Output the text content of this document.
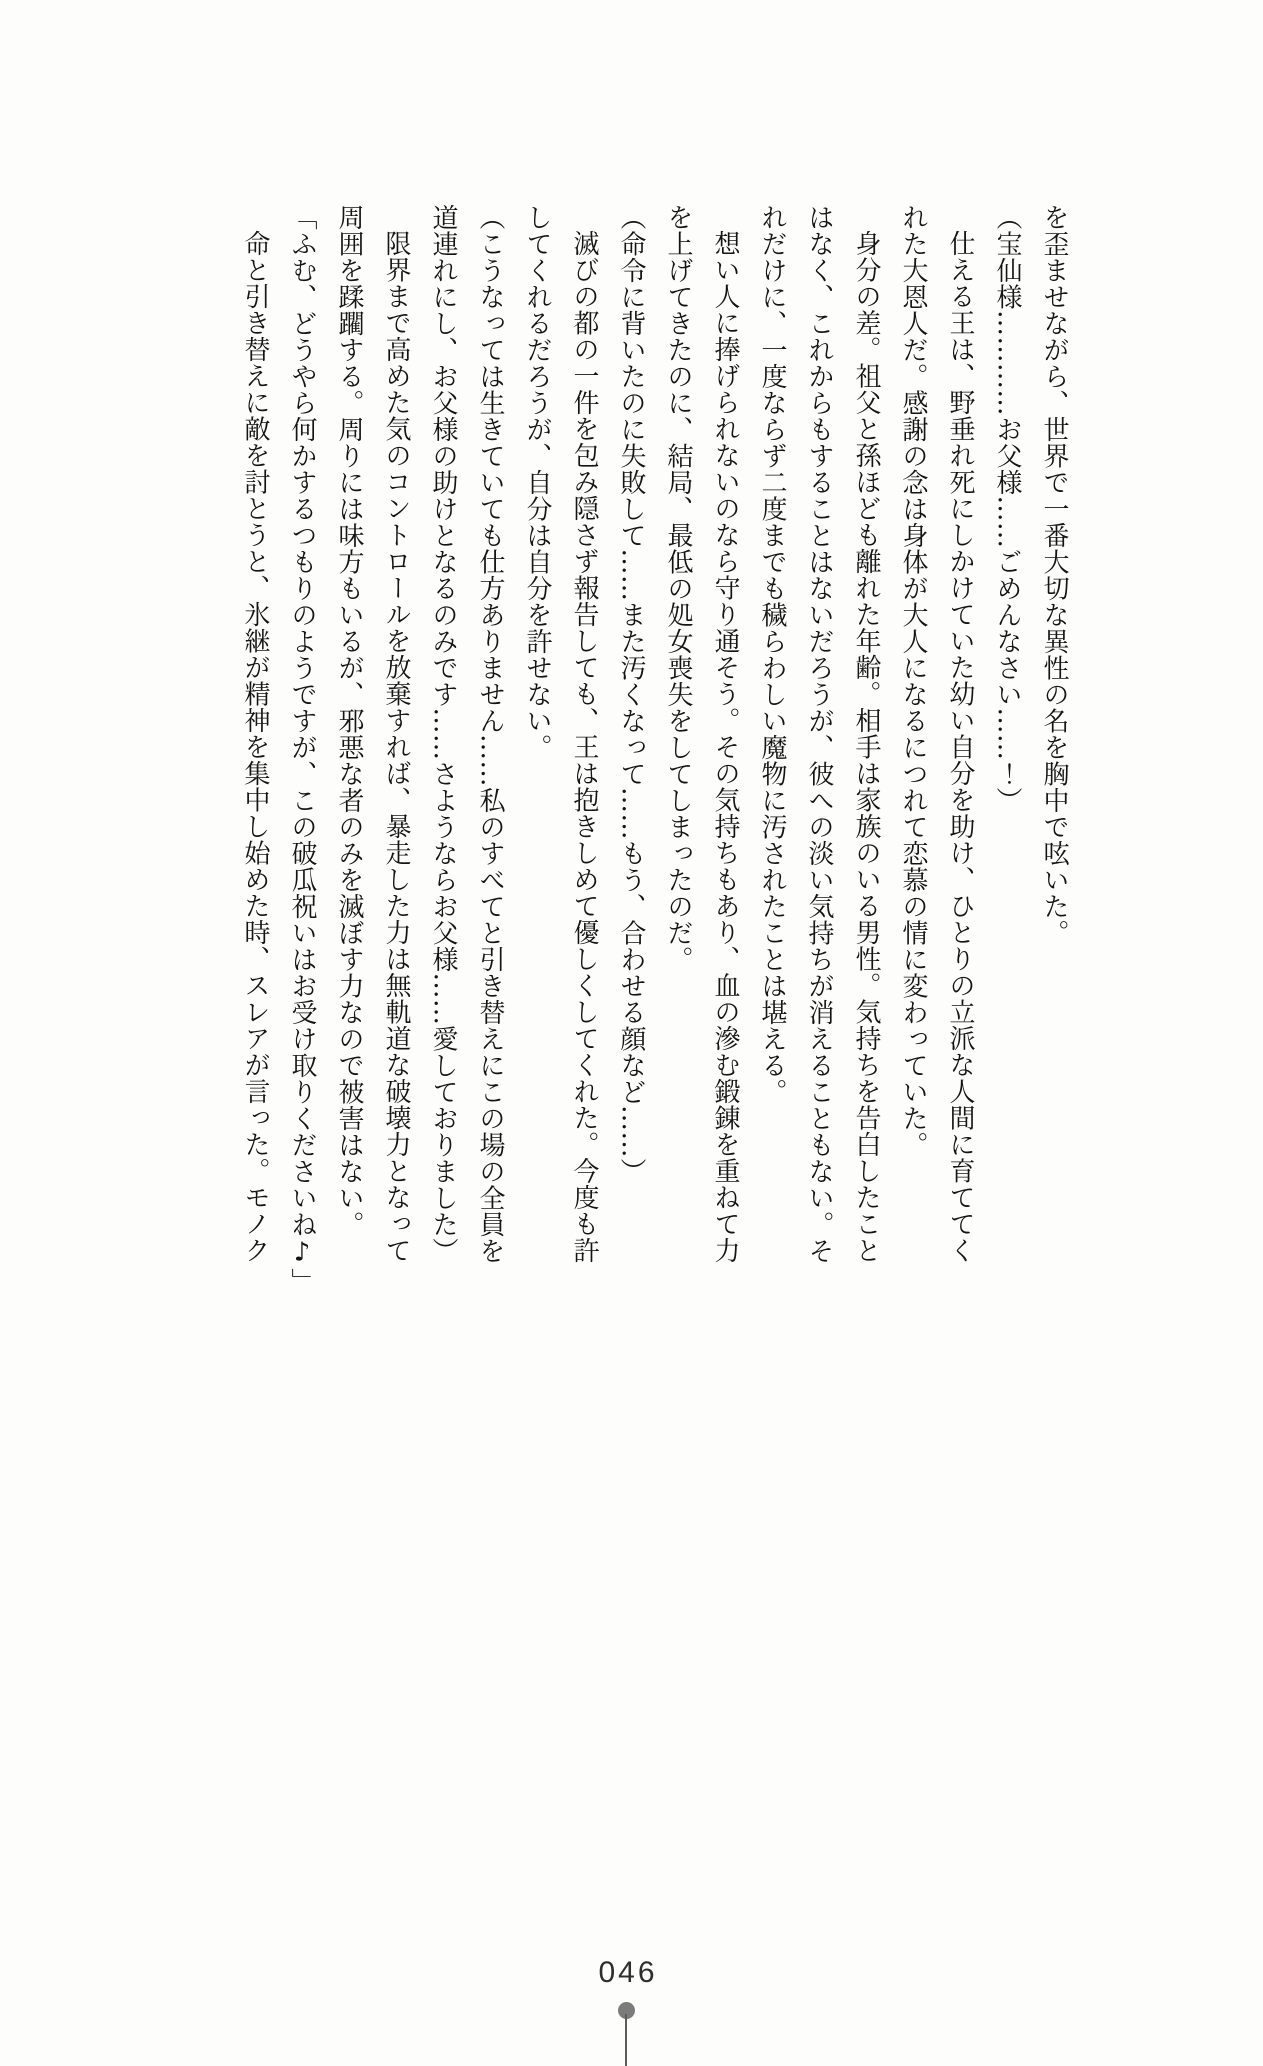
を歪ませながら、世界で一番大切な異性の名を胸中で呟いた。
（宝仙様…………お父様……ごめんなさい……！）
仕える王は、野垂れ死にしかけていた幼い自分を助け、ひとりの立派な人間に育ててく
れた大恩人だ。感謝の念は身体が大人になるにつれて恋慕の情に変わっていた。
身分の差。祖父と孫ほども離れた年齢。相手は家族のいる男性。気持ちを告白したこと
はなく、これからもすることはないだろうが、彼への淡い気持ちが消えることもない。そ
れだけに、一度ならず二度までも穢らわしい魔物に汚されたことは堪える。
想い人に捧げられないのなら守り通そう。その気持ちもあり、血の滲む鍛錬を重ねて力
を上げてきたのに、結局、最低の処女喪失をしてしまったのだ。
（命令に背いたのに失敗して……また汚くなって……もう、合わせる顔など……）
滅びの都の一件を包み隠さず報告しても、王は抱きしめて優しくしてくれた。今度も許
してくれるだろうが、自分は自分を許せない。
（こうなっては生きていても仕方ありません……私のすべてと引き替えにこの場の全員を
道連れにし、お父様の助けとなるのみです……さようならお父様……愛しておりました）
限界まで高めた気のコントロールを放棄すれば、暴走した力は無軌道な破壊力となって
周囲を蹂躙する。周りには味方もいるが、邪悪な者のみを滅ぼす力なので被害はない。
「ふむ、どうやら何かするつもりのようですが、この破瓜祝いはお受け取りくださいね♪」
命と引き替えに敵を討とうと、氷継が精神を集中し始めた時、スレアが言った。モノク
046
